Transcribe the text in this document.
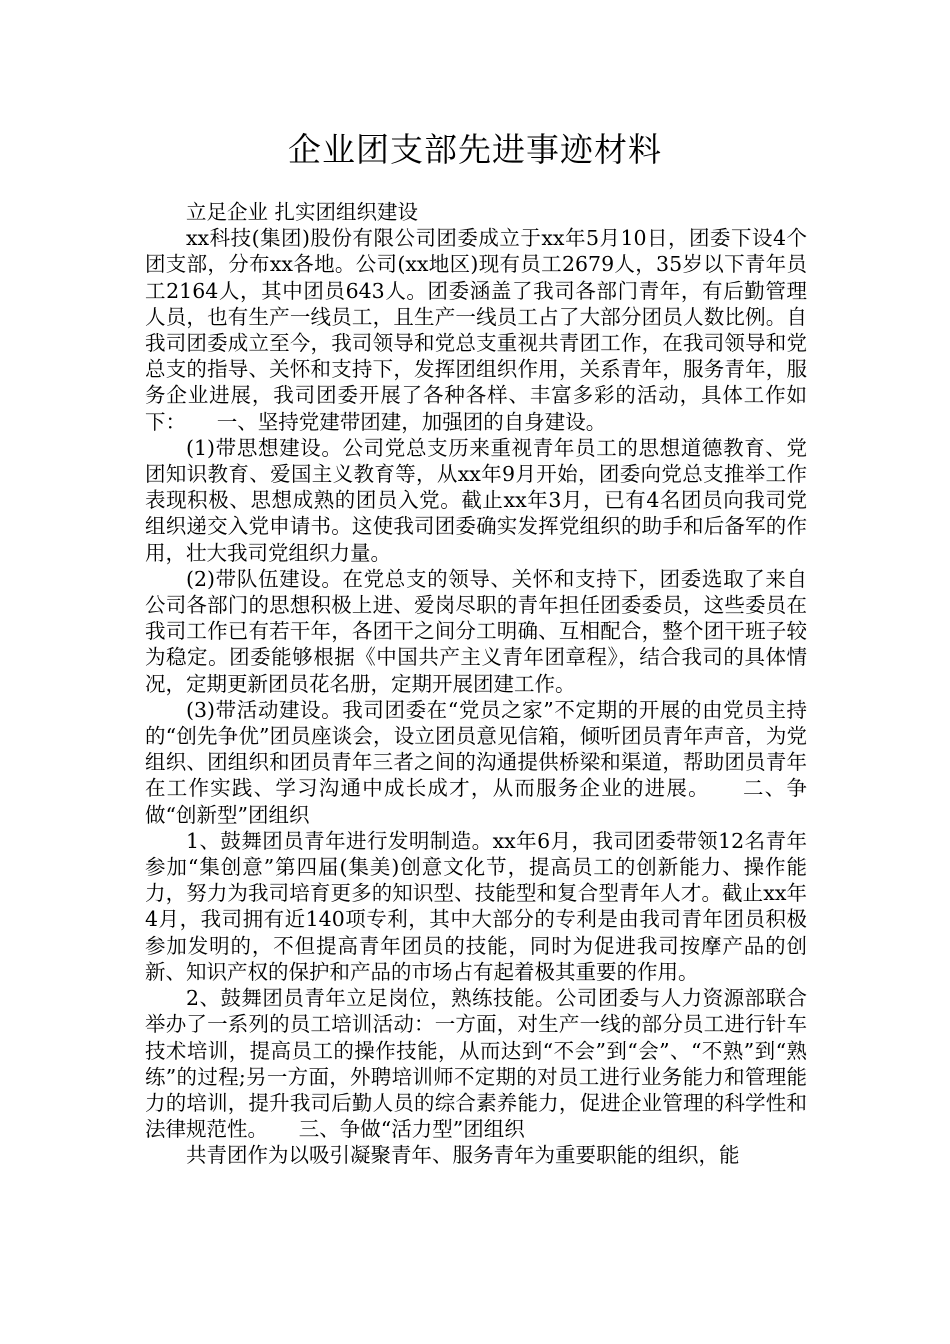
企业团支部先进事迹材料

立足企业 扎实团组织建设

xx科技(集团)股份有限公司团委成立于xx年5月10日，团委下设4个团支部，分布xx各地。公司(xx地区)现有员工2679人，35岁以下青年员工2164人，其中团员643人。团委涵盖了我司各部门青年，有后勤管理人员，也有生产一线员工，且生产一线员工占了大部分团员人数比例。自我司团委成立至今，我司领导和党总支重视共青团工作，在我司领导和党总支的指导、关怀和支持下，发挥团组织作用，关系青年，服务青年，服务企业进展，我司团委开展了各种各样、丰富多彩的活动，具体工作如下：　　一、坚持党建带团建，加强团的自身建设。

(1)带思想建设。公司党总支历来重视青年员工的思想道德教育、党团知识教育、爱国主义教育等，从xx年9月开始，团委向党总支推举工作表现积极、思想成熟的团员入党。截止xx年3月，已有4名团员向我司党组织递交入党申请书。这使我司团委确实发挥党组织的助手和后备军的作用，壮大我司党组织力量。

(2)带队伍建设。在党总支的领导、关怀和支持下，团委选取了来自公司各部门的思想积极上进、爱岗尽职的青年担任团委委员，这些委员在我司工作已有若干年，各团干之间分工明确、互相配合，整个团干班子较为稳定。团委能够根据《中国共产主义青年团章程》，结合我司的具体情况，定期更新团员花名册，定期开展团建工作。

(3)带活动建设。我司团委在“党员之家”不定期的开展的由党员主持的“创先争优”团员座谈会，设立团员意见信箱，倾听团员青年声音，为党组织、团组织和团员青年三者之间的沟通提供桥梁和渠道，帮助团员青年在工作实践、学习沟通中成长成才，从而服务企业的进展。　　二、争做“创新型”团组织

1、鼓舞团员青年进行发明制造。xx年6月，我司团委带领12名青年参加“集创意”第四届(集美)创意文化节，提高员工的创新能力、操作能力，努力为我司培育更多的知识型、技能型和复合型青年人才。截止xx年4月，我司拥有近140项专利，其中大部分的专利是由我司青年团员积极参加发明的，不但提高青年团员的技能，同时为促进我司按摩产品的创新、知识产权的保护和产品的市场占有起着极其重要的作用。

2、鼓舞团员青年立足岗位，熟练技能。公司团委与人力资源部联合举办了一系列的员工培训活动：一方面，对生产一线的部分员工进行针车技术培训，提高员工的操作技能，从而达到“不会”到“会”、“不熟”到“熟练”的过程;另一方面，外聘培训师不定期的对员工进行业务能力和管理能力的培训，提升我司后勤人员的综合素养能力，促进企业管理的科学性和法律规范性。　　三、争做“活力型”团组织

共青团作为以吸引凝聚青年、服务青年为重要职能的组织，能
